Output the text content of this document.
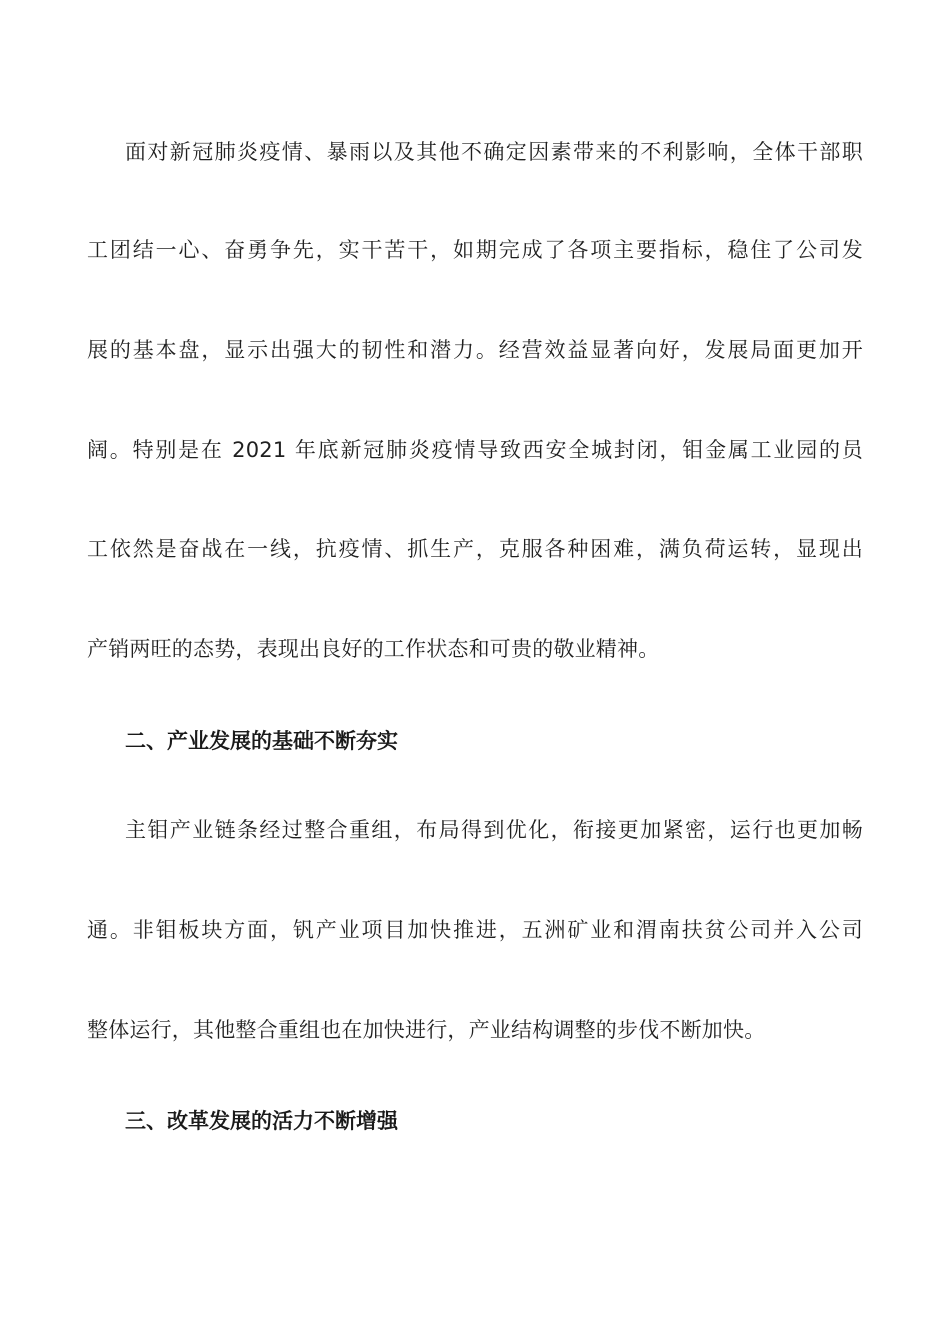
面对新冠肺炎疫情、暴雨以及其他不确定因素带来的不利影响，全体干部职
工团结一心、奋勇争先，实干苦干，如期完成了各项主要指标，稳住了公司发
展的基本盘，显示出强大的韧性和潜力。经营效益显著向好，发展局面更加开
阔。特别是在 2021 年底新冠肺炎疫情导致西安全城封闭，钼金属工业园的员
工依然是奋战在一线，抗疫情、抓生产，克服各种困难，满负荷运转，显现出
产销两旺的态势，表现出良好的工作状态和可贵的敬业精神。
二、产业发展的基础不断夯实
主钼产业链条经过整合重组，布局得到优化，衔接更加紧密，运行也更加畅
通。非钼板块方面，钒产业项目加快推进，五洲矿业和渭南扶贫公司并入公司
整体运行，其他整合重组也在加快进行，产业结构调整的步伐不断加快。
三、改革发展的活力不断增强
